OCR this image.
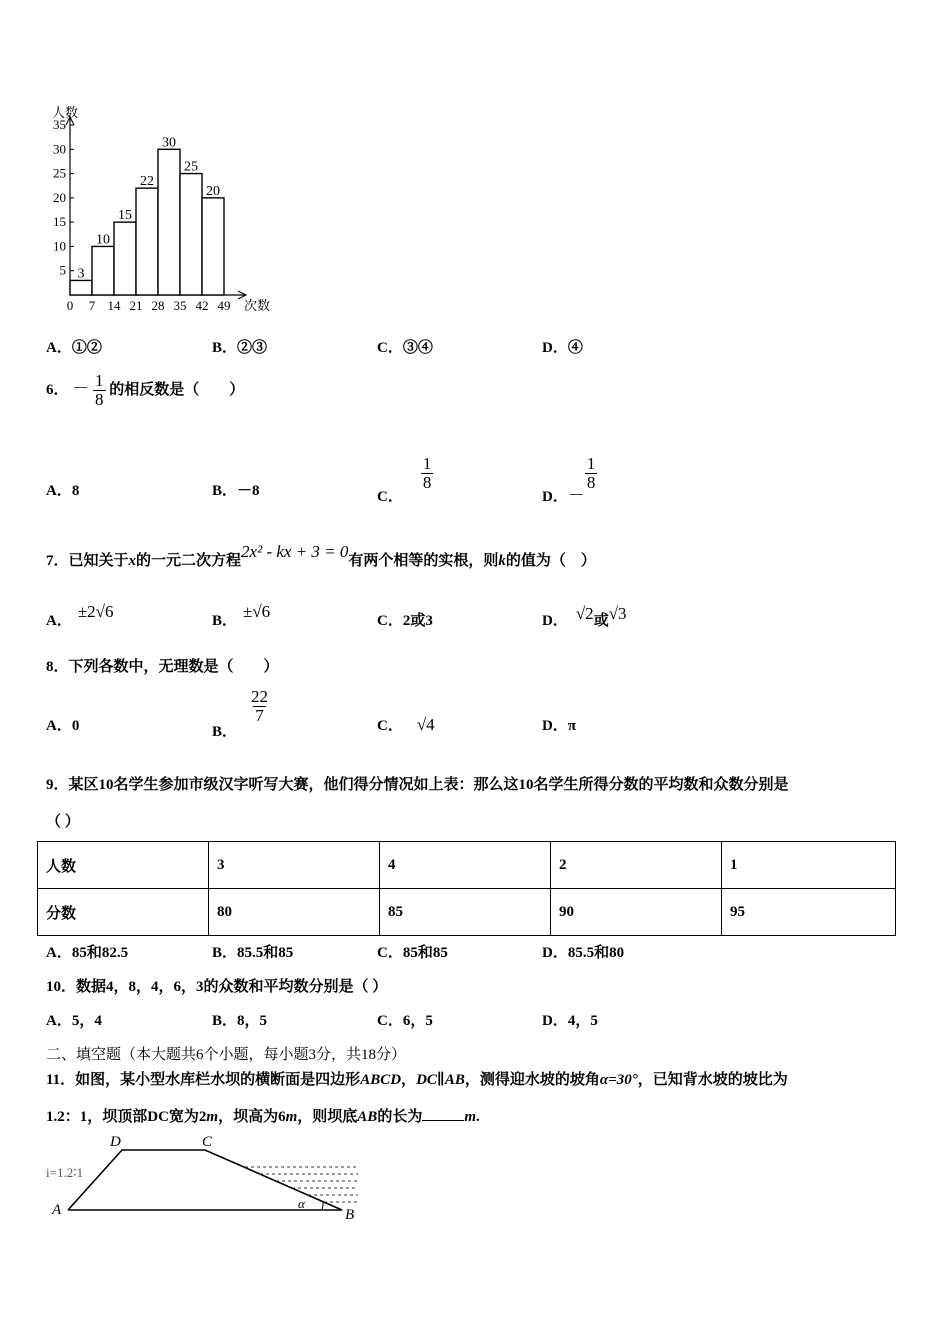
5
10
15
20
25
30
35
0 7 14 21 28 35 42 49
3
10
15
22
30
25
20
人数
次数
A．①②	B．②③	C．③④	D．④
6． － $\frac{1}{8}$ 的相反数是（　　）
A．8	B．－8	C．
$\frac{1}{8}$
D．－
$\frac{1}{8}$
7．已知关于x的一元二次方程2x² - kx + 3 = 0有两个相等的实根，则k的值为（　）
A． ±2√6	B． ±√6	C．2或3	D． √2或√3
8．下列各数中，无理数是（　　）
A．0	B．
$\frac{22}{7}$
C． √4	D．π
9．某区10名学生参加市级汉字听写大赛，他们得分情况如上表：那么这10名学生所得分数的平均数和众数分别是
（ ）
人数	3	4	2	1
分数	80	85	90	95
A．85和82.5	B．85.5和85	C．85和85	D．85.5和80
10．数据4，8，4，6，3的众数和平均数分别是（ ）
A．5，4	B．8，5	C．6，5	D．4，5
二、填空题（本大题共6个小题，每小题3分，共18分）
11．如图，某小型水库栏水坝的横断面是四边形ABCD，DC∥AB，测得迎水坡的坡角α=30°，已知背水坡的坡比为
1.2：1，坝顶部DC宽为2m，坝高为6m，则坝底AB的长为	m.
D	C
A	B
α
i=1.2∶1
